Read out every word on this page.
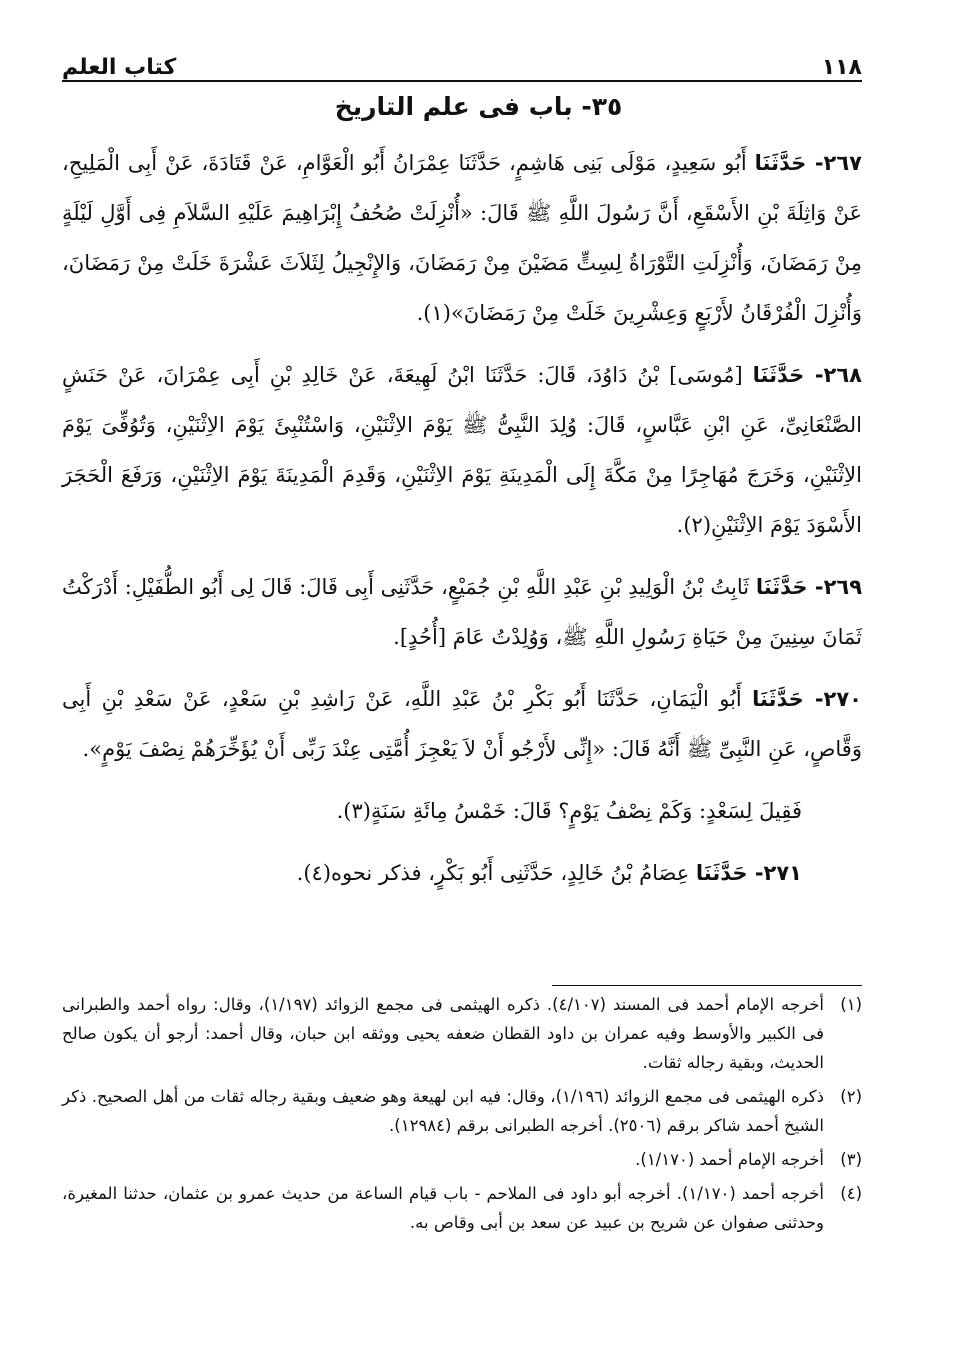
كتاب العلم	١١٨
٣٥- باب فى علم التاريخ

٢٦٧- حَدَّثَنَا أَبُو سَعِيدٍ، مَوْلَى بَنِى هَاشِمٍ، حَدَّثَنَا عِمْرَانُ أَبُو الْعَوَّامِ، عَنْ قَتَادَةَ، عَنْ أَبِى الْمَلِيحِ، عَنْ وَاثِلَةَ بْنِ الأَسْقَعِ، أَنَّ رَسُولَ اللَّهِ ﷺ قَالَ: «أُنْزِلَتْ صُحُفُ إِبْرَاهِيمَ عَلَيْهِ السَّلاَمِ فِى أَوَّلِ لَيْلَةٍ مِنْ رَمَضَانَ، وَأُنْزِلَتِ التَّوْرَاةُ لِسِتٍّ مَضَيْنَ مِنْ رَمَضَانَ، وَالإِنْجِيلُ لِثَلاَثَ عَشْرَةَ خَلَتْ مِنْ رَمَضَانَ، وَأُنْزِلَ الْفُرْقَانُ لأَرْبَعٍ وَعِشْرِينَ خَلَتْ مِنْ رَمَضَانَ»(١).

٢٦٨- حَدَّثَنَا [مُوسَى] بْنُ دَاوُدَ، قَالَ: حَدَّثَنَا ابْنُ لَهِيعَةَ، عَنْ خَالِدِ بْنِ أَبِى عِمْرَانَ، عَنْ حَنَشٍ الصَّنْعَانِىِّ، عَنِ ابْنِ عَبَّاسٍ، قَالَ: وُلِدَ النَّبِىُّ ﷺ يَوْمَ الاِثْنَيْنِ، وَاسْتُنْبِئَ يَوْمَ الاِثْنَيْنِ، وَتُوُفِّىَ يَوْمَ الاِثْنَيْنِ، وَخَرَجَ مُهَاجِرًا مِنْ مَكَّةَ إِلَى الْمَدِينَةِ يَوْمَ الاِثْنَيْنِ، وَقَدِمَ الْمَدِينَةَ يَوْمَ الاِثْنَيْنِ، وَرَفَعَ الْحَجَرَ الأَسْوَدَ يَوْمَ الاِثْنَيْنِ(٢).

٢٦٩- حَدَّثَنَا ثَابِتُ بْنُ الْوَلِيدِ بْنِ عَبْدِ اللَّهِ بْنِ جُمَيْعٍ، حَدَّثَنِى أَبِى قَالَ: قَالَ لِى أَبُو الطُّفَيْلِ: أَدْرَكْتُ ثَمَانَ سِنِينَ مِنْ حَيَاةِ رَسُولِ اللَّهِ ﷺ، وَوُلِدْتُ عَامَ [أُحُدٍ].

٢٧٠- حَدَّثَنَا أَبُو الْيَمَانِ، حَدَّثَنَا أَبُو بَكْرِ بْنُ عَبْدِ اللَّهِ، عَنْ رَاشِدِ بْنِ سَعْدٍ، عَنْ سَعْدِ بْنِ أَبِى وَقَّاصٍ، عَنِ النَّبِىِّ ﷺ أَنَّهُ قَالَ: «إِنِّى لأَرْجُو أَنْ لاَ يَعْجِزَ أُمَّتِى عِنْدَ رَبِّى أَنْ يُؤَخِّرَهُمْ نِصْفَ يَوْمٍ».

فَقِيلَ لِسَعْدٍ: وَكَمْ نِصْفُ يَوْمٍ؟ قَالَ: خَمْسُ مِائَةِ سَنَةٍ(٣).

٢٧١- حَدَّثَنَا عِصَامُ بْنُ خَالِدٍ، حَدَّثَنِى أَبُو بَكْرٍ، فذكر نحوه(٤).

(١)
أخرجه الإمام أحمد فى المسند (٤/١٠٧). ذكره الهيثمى فى مجمع الزوائد (١/١٩٧)، وقال: رواه أحمد والطبرانى فى الكبير والأوسط وفيه عمران بن داود القطان ضعفه يحيى ووثقه ابن حبان، وقال أحمد: أرجو أن يكون صالح الحديث، وبقية رجاله ثقات.

(٢)
ذكره الهيثمى فى مجمع الزوائد (١/١٩٦)، وقال: فيه ابن لهيعة وهو ضعيف وبقية رجاله ثقات من أهل الصحيح. ذكر الشيخ أحمد شاكر برقم (٢٥٠٦). أخرجه الطبرانى برقم (١٢٩٨٤).

(٣)
أخرجه الإمام أحمد (١/١٧٠).

(٤)
أخرجه أحمد (١/١٧٠). أخرجه أبو داود فى الملاحم - باب قيام الساعة من حديث عمرو بن عثمان، حدثنا المغيرة، وحدثنى صفوان عن شريح بن عبيد عن سعد بن أبى وقاص به.
